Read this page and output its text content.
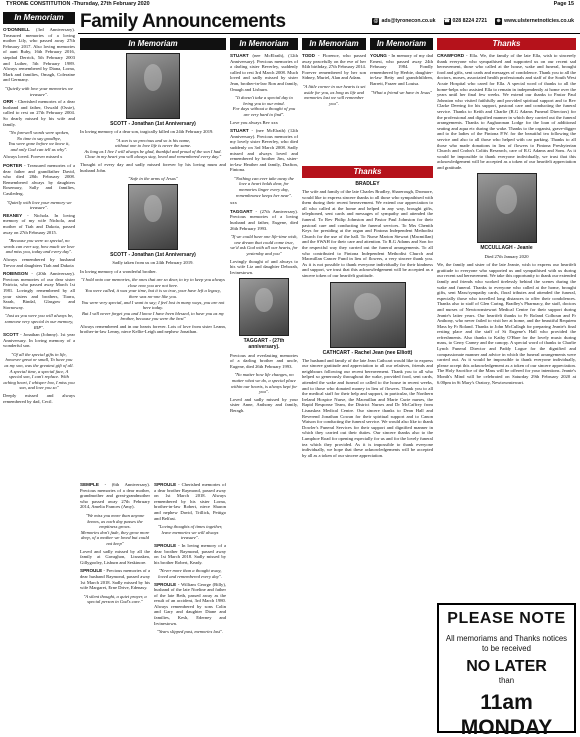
TYRONE CONSTITUTION -Thursday, 27th February 2020	Page 15
Family Announcements	@ ads@tyronecon.co.uk ☎ 028 8224 2721 ⊕ www.ulsternetnoticies.co.uk
In Memoriam

O'DONNELL (3rd Anniversary). Treasured memories of a loving mother Lily, who passed away 27th February 2017. Also loving memories of aunt Ruby, 16th February 2016, stepdad Derrick, 5th February 2003 and Luther, 5th February 1989. Always remembered by Diana, Lorna, Mark and families, Omagh, Coleraine and Germany.

"Quietly with love your memories we treasure".

ORR - Cherished memories of a dear husband and father, Oswald (Ossie), called to rest on 27th February 2004. So dearly missed by his wife and family.

"No farewell words were spoken,
No time to say goodbye,
You were gone before we knew it,
and only God can tell us why".

Always loved. Forever missed x

PORTER - Treasured memories of a dear father and grandfather David, who died 28th February 2008. Remembered always by daughters Rosemary, Sally and families, Castlederg.

"Quietly with love your memory we treasure".

REANEY - Nichola. In loving memory of my wife Nichola, and mother of Tiah and Dakota, passed away on 27th February 2015.

"Because you were so special, no words can ever say, how much we love and miss you, today and every day".

Always remembered by husband Trevor and daughters Tiah and Dakota

ROBINSON - (20th Anniversary). Precious memories of our dear sister Patricia, who passed away March 1st 1981. Lovingly remembered by all your sisters and brothers, Tiarra, Sarah, Bindal, Glasgow and Stornoway.

"Just as you were you will always be, someone very special in our memory, RIP".

SCOTT - Jonathan (Johnny). 1st year Anniversary. In loving memory of a wonderful son.

"Of all the special gifts in life, however great or small, To have you as my son, was the greatest gift of all.
A special time, a special face, A special son, I can't replace. With aching heart, I whisper low, I miss you son, and love you so"

Deeply missed and always remembered by dad, Cecil.

In Memoriam
SCOTT - Jonathan (1st Anniversary)

In loving memory of a dear son, tragically killed on 24th February 2019.

"A son is so precious and so is his name,
without one to love life is never the same.
As long as I live I will always be glad, thankful and proud of the son I had.
Close in my heart you will always stay, loved and remembered every day."

Thought of every day and sadly missed forever by his loving mum and husband John.

"Safe in the arms of Jesus"
SCOTT - Jonathan (1st Anniversary)

Sadly taken from us on 24th February 2019.

In loving memory of a wonderful brother.

"I hold onto our memories, the ones that are so dear, to try to keep you always close now you are not here.
You were called, it was your time, but it is so true, your have left a legacy, there was no-one like you.
You were very special, and I want to say; I feel lost in many ways, you are not here today.
But I will never forget you and I know I have been blessed, to have you as my brother, because you were the best"

Always remembered and in our hearts forever. Lots of love from sister Leann, brother-in-law Lenny, niece Kellie-Leigh and nephew Jonathan.

SEMPLE - (6th Anniversary). Precious memories of a dear mother, grandmother and great-grandmother who passed away 27th February 2014, Amelia Frances (Amy).

"We miss you more than anyone knows, as each day passes the emptiness grows.
Memories don't fade, they grow more deep, of a mother we loved but could not keep"

Loved and sadly missed by all the family at Gavaghon, Lisnaskea, Gillygooley, Lisburn and Seskinore.

SPROULE - Precious memories of a dear husband Raymond, passed away 1st March 2018. Sadly missed by his wife Margaret, Erne Drive, Edenasy.

"A silent thought, a quiet prayer, a special person in God's care."

SPROULE - Cherished memories of a dear brother Raymond, passed away on 1st March 2018. Always remembered by his sister Lorna, brother-in-law Robert, niece Sharon and nephew David, Trillick, Pettigo and Belfast.

"Loving thoughts of times together, leave memories we will always treasure".

SPROULE - In loving memory of a dear brother Raymond, passed away on 1st March 2018. Sadly missed by his brother Robert, Keady.

"Never more than a thought away, loved and remembered every day".

SPROULE - William George (Billy), husband of the late Noeline and father of the late Beth, passed away as the result of an accident, 3rd March 1980. Always remembered by sons Colin and Gary and daughter Diane and families, Kesh, Ederney and Irvinestown.

"Years slipped past, memories last".
In Memoriam

STUART (nee McElrath), (12th Anniversary). Precious memories of a darling sister Beverley, suddenly called to rest 3rd March 2008. Much loved and sadly missed by sister Jean, brother-in-law Ron and family, Omagh and Lisburn.

"It doesn't take a special day to bring you to our mind.
For days without a thought of you are very hard to find".

Love you always Bev xxx

STUART - (nee McElrath) (12th Anniversary). Precious memories of my lovely sister Beverley, who died suddenly on 3rd March 2008. Sadly missed and always loved and remembered by brother Jim, sister-in-law Heather and family, Drafton, Fintona.

"Nothing can ever take away the love a heart holds dear, for memories linger every day, remembrance keeps her near".

xxx

TAGGART - (27th Anniversary). Precious memories of a loving husband and father, Eugene, died 26th February 1993.

"If we could have one life-time wish, one dream that could come true, we'd ask God with all our hearts, for yesterday and you"

Lovingly thought of and always to his wife Liz and daughter Deborah, Irvinestown.

TAGGART - (27th anniversary).

Precious and everlasting memories of a darling brother and uncle, Eugene, died 26th February 1993.

"No matter how life changes, no matter what we do, a special place within our hearts, is always kept for you".

Loved and sadly missed by your sister Anne, Anthony and family, Beragh.

In Memoriam

TODD - Florence, who passed away peacefully on the eve of her 84th birthday, 27th February 2014. Forever remembered by her son Sidney, Muriel, Alan and Adam.

"A little corner in our hearts is set aside for you, as long as life and memories last we will remember you".
In Memoriam

YOUNG - In memory of my dad Ernest, who passed away 24th February 1984. Fondly remembered by Herbie, daughter-in-law Betty and grandchildren, Barrett, Frazer and Louisa.

"What a friend we have in Jesus"
Thanks
BRADLEY

The wife and family of the late Charles Bradley, Sharerough, Dromore, would like to express sincere thanks to all those who sympathised with them during their recent bereavement. We extend our appreciation to all who called at the home and helped in any way, brought gifts, telephoned, sent cards and messages of sympathy and attended the funeral. To Rev Philip Johnston and Pastor Paul Johnston for their pastoral care and conducting the funeral services. To Mrs Chenith Keys for presiding at the organ and Fintona Independent Methodist Church for the use of the hall. To Nurse Marion Stewart (Macmillan) and the SWAH for their care and attention. To R.G Adams and Son for the respectful way they carried out the funeral arrangements. To all who contributed to Fintona Independent Methodist Church and Macmillan Cancer Fund in lieu of flowers, a very sincere thank you. As it is not possible to thank everyone individually for their kindness and support, we trust that this acknowledgement will be accepted as a sincere token of our heartfelt gratitude.

CATHCART - Rachel Jean (nee Elliott)

The husband and family of the late Jean Cathcart would like to express our sincere gratitude and appreciation to all our relatives, friends and neighbours following our recent bereavement. Thank you to all who helped so generously throughout the wake, provided food, sent cards, attended the wake and funeral or called to the house in recent weeks, and to those who donated money in lieu of flowers. Thank you to all the medical staff for their help and support, in particular, the Northern Ireland Hospice Nurse, the Macmillan and Marie Curie nurses, the Rapid Response Team, the District Nurses and Dr McCaffrey from Lisnaskea Medical Centre. Our sincere thanks to Dean Hall and Reverend Jonathan Cowan for their spiritual support and to Canon Watson for conducting the funeral service. We would also like to thank Dowler's Funeral Services for their support and dignified manner in which they carried out their duties. Our sincere thanks also to the Lumphoe Road for opening especially for us and for the lovely funeral tea which they provided. As it is impossible to thank everyone individually, we hope that these acknowledgements will be accepted by all as a token of our sincere appreciation.

Thanks

CRAWFORD - Ella. We, the family of the late Ella, wish to sincerely thank everyone who sympathised and supported us on our recent sad bereavement, those who called at the house, wake and funeral, brought food and gifts, sent cards and messages of condolence. Thank you to all the doctors, nurses, associated health professionals and staff of the South West Acute Hospital who cared for Ella. A special word of thanks to all the home-helps who assisted Ella to remain in independently at home over the years until her final few weeks. We extend our thanks to Pastor Paul Johnston who visited faithfully and provided spiritual support and to Rev Clarke Deering for his support, pastoral care and conducting the funeral service. Thanks to Keith and Charlie (R.G Adams Funeral Directors) for the professional and dignified manner in which they carried out the funeral arrangements. Thanks to Augharonan Lodge for the loan of additional seating and aqua etc during the wake. Thanks to the organist, grave-digger and to the ladies of the Fintona P.W. for the beautiful tea following the service and also to all those who helped with car parking. Thanks to all those who made donations in lieu of flowers to Fintona Presbyterian Church and Crohn's Colitis Research, care of R.G Adams and Sons. As it would be impossible to thank everyone individually, we trust that this acknowledgement will be accepted as a token of our heartfelt appreciation and gratitude.

MCCULLAGH - Jeanie

Died 27th January 2020

We, the family and sister of the late Jeanie, wish to express our heartfelt gratitude to everyone who supported us and sympathised with us during our recent sad bereavement. We take this opportunity to thank our extended family and friends who worked tirelessly behind the scenes during the wake and funeral. Thanks to everyone who called at the home, brought gifts, sent Mass/sympathy cards, floral tributes and attended the funeral, especially those who travelled long distances to offer their condolences. Thanks also to staff of Glen Caring, Bradley's Pharmacy, the staff, doctors and nurses of Newtownstewart Medical Centre for their support during Jeanie's latter years. Our heartfelt thanks to Fr Roland Colhoun and Fr Anthony, who never failed to visit her at home, and the beautiful Requiem Mass by Fr Roland. Thanks to John McCullagh for preparing Jeanie's final resting place and the staff of St Eugene's Hall who provided the refreshments. Also thanks to Kathy O'Hare for the lovely music during mass, to Gerry Carney and the canopy. A special word of thanks to Charlie Lynch Funeral Director and Paddy Logue for the dignified and compassionate manner and advice in which the funeral arrangements were carried out. As it would be impossible to thank everyone individually, please accept this acknowledgement as a token of our sincere appreciation. The Holy Sacrifice of the Mass will be offered for your intentions. Jeanie's Month's Mind will be celebrated on Saturday 29th February 2020 at 6.00pm in St Mary's Oratory, Newtownstewart.

PLEASE NOTE
All memoriams and Thanks notices to be received
NO LATER
than
11am MONDAY
